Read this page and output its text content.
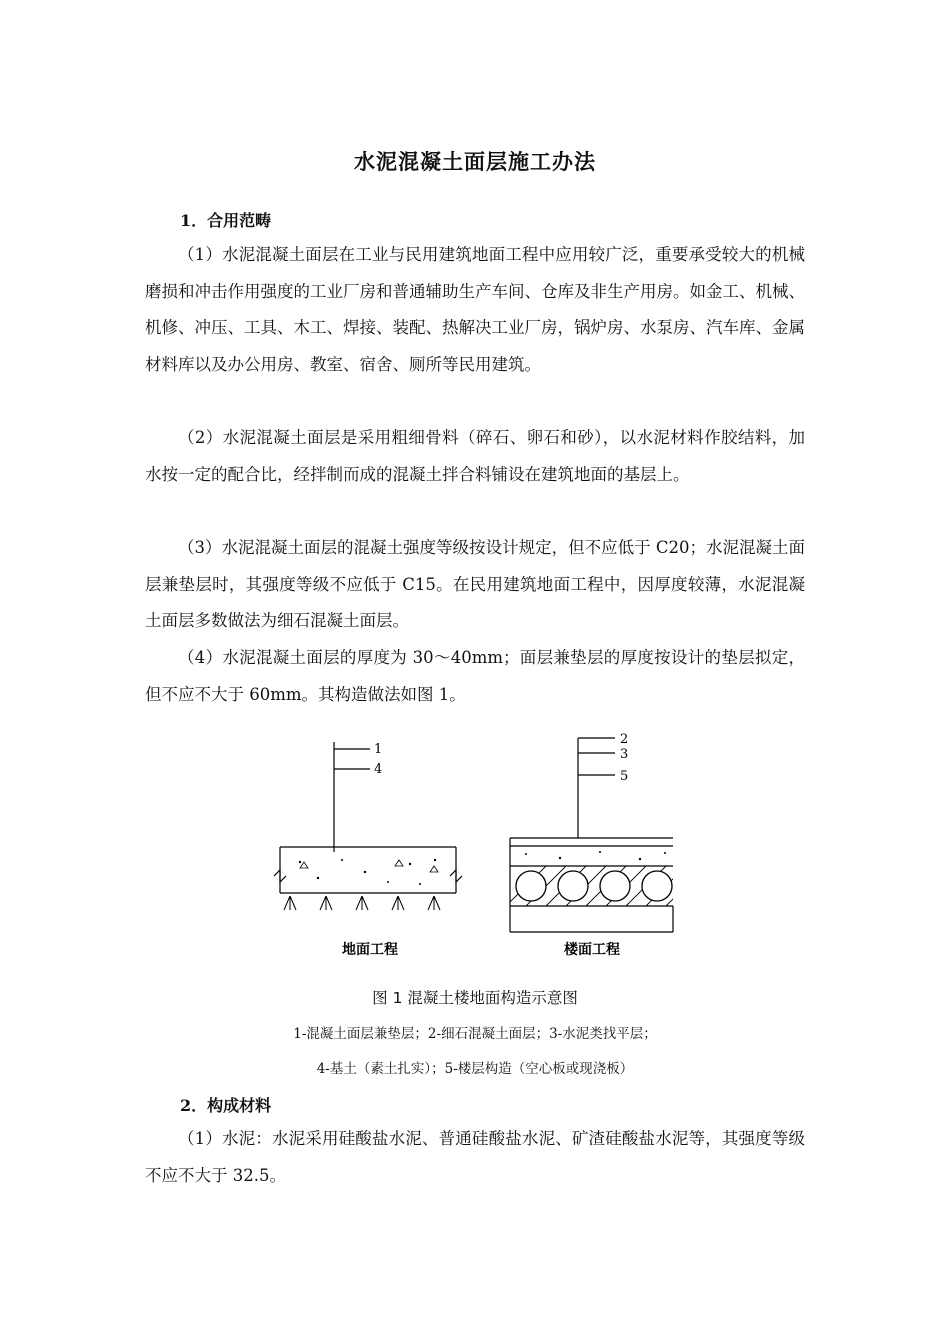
水泥混凝土面层施工办法
1．合用范畴

（1）水泥混凝土面层在工业与民用建筑地面工程中应用较广泛，重要承受较大的机械磨损和冲击作用强度的工业厂房和普通辅助生产车间、仓库及非生产用房。如金工、机械、机修、冲压、工具、木工、焊接、装配、热解决工业厂房，锅炉房、水泵房、汽车库、金属材料库以及办公用房、教室、宿舍、厕所等民用建筑。

（2）水泥混凝土面层是采用粗细骨料（碎石、卵石和砂），以水泥材料作胶结料，加水按一定的配合比，经拌制而成的混凝土拌合料铺设在建筑地面的基层上。

（3）水泥混凝土面层的混凝土强度等级按设计规定，但不应低于 C20；水泥混凝土面层兼垫层时，其强度等级不应低于 C15。在民用建筑地面工程中，因厚度较薄，水泥混凝土面层多数做法为细石混凝土面层。

（4）水泥混凝土面层的厚度为 30～40mm；面层兼垫层的厚度按设计的垫层拟定，但不应不大于 60mm。其构造做法如图 1。

1
4
地面工程
2
3
5
楼面工程
图 1 混凝土楼地面构造示意图
1-混凝土面层兼垫层；2-细石混凝土面层；3-水泥类找平层；
4-基土（素土扎实）；5-楼层构造（空心板或现浇板）
2．构成材料

（1）水泥：水泥采用硅酸盐水泥、普通硅酸盐水泥、矿渣硅酸盐水泥等，其强度等级不应不大于 32.5。
